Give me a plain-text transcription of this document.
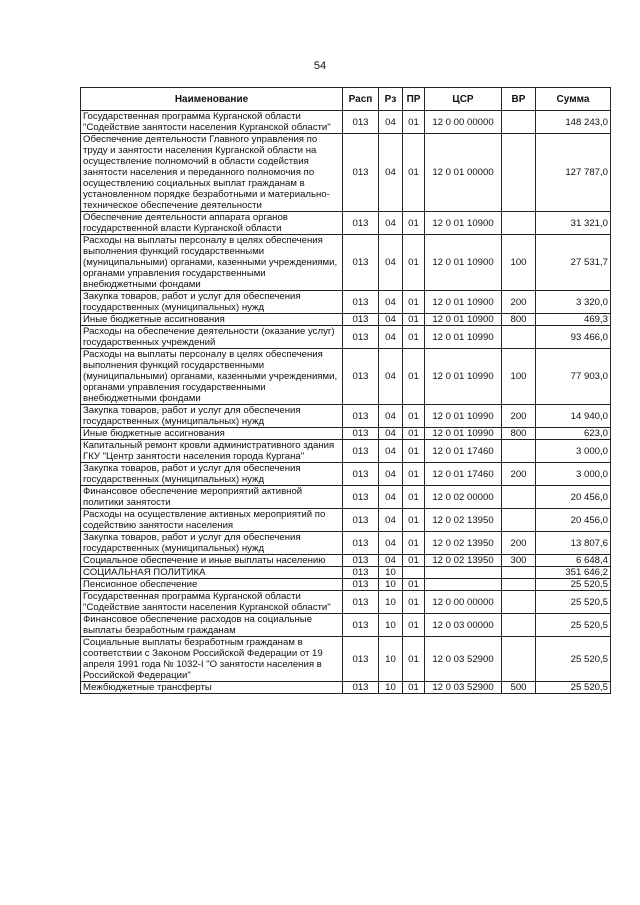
54
Наименование	Расп	Рз	ПР	ЦСР	ВР	Сумма
Государственная программа Курганской области "Содействие занятости населения Курганской области"	013	04	01	12 0 00 00000		148 243,0
Обеспечение деятельности Главного управления по труду и занятости населения Курганской области на осуществление полномочий в области содействия занятости населения и переданного полномочия по осуществлению социальных выплат гражданам в установленном порядке безработными и материально-техническое обеспечение деятельности	013	04	01	12 0 01 00000		127 787,0
Обеспечение деятельности аппарата органов государственной власти Курганской области	013	04	01	12 0 01 10900		31 321,0
Расходы на выплаты персоналу в целях обеспечения выполнения функций государственными (муниципальными) органами, казенными учреждениями, органами управления государственными внебюджетными фондами	013	04	01	12 0 01 10900	100	27 531,7
Закупка товаров, работ и услуг для обеспечения государственных (муниципальных) нужд	013	04	01	12 0 01 10900	200	3 320,0
Иные бюджетные ассигнования	013	04	01	12 0 01 10900	800	469,3
Расходы на обеспечение деятельности (оказание услуг) государственных учреждений	013	04	01	12 0 01 10990		93 466,0
Расходы на выплаты персоналу в целях обеспечения выполнения функций государственными (муниципальными) органами, казенными учреждениями, органами управления государственными внебюджетными фондами	013	04	01	12 0 01 10990	100	77 903,0
Закупка товаров, работ и услуг для обеспечения государственных (муниципальных) нужд	013	04	01	12 0 01 10990	200	14 940,0
Иные бюджетные ассигнования	013	04	01	12 0 01 10990	800	623,0
Капитальный ремонт кровли административного здания ГКУ "Центр занятости населения города Кургана"	013	04	01	12 0 01 17460		3 000,0
Закупка товаров, работ и услуг для обеспечения государственных (муниципальных) нужд	013	04	01	12 0 01 17460	200	3 000,0
Финансовое обеспечение мероприятий активной политики занятости	013	04	01	12 0 02 00000		20 456,0
Расходы на осуществление активных мероприятий по содействию занятости населения	013	04	01	12 0 02 13950		20 456,0
Закупка товаров, работ и услуг для обеспечения государственных (муниципальных) нужд	013	04	01	12 0 02 13950	200	13 807,6
Социальное обеспечение и иные выплаты населению	013	04	01	12 0 02 13950	300	6 648,4
СОЦИАЛЬНАЯ ПОЛИТИКА	013	10				351 646,2
Пенсионное обеспечение	013	10	01			25 520,5
Государственная программа Курганской области "Содействие занятости населения Курганской области"	013	10	01	12 0 00 00000		25 520,5
Финансовое обеспечение расходов на социальные выплаты безработным гражданам	013	10	01	12 0 03 00000		25 520,5
Социальные выплаты безработным гражданам в соответствии с Законом Российской Федерации от 19 апреля 1991 года № 1032-I "О занятости населения в Российской Федерации"	013	10	01	12 0 03 52900		25 520,5
Межбюджетные трансферты	013	10	01	12 0 03 52900	500	25 520,5
